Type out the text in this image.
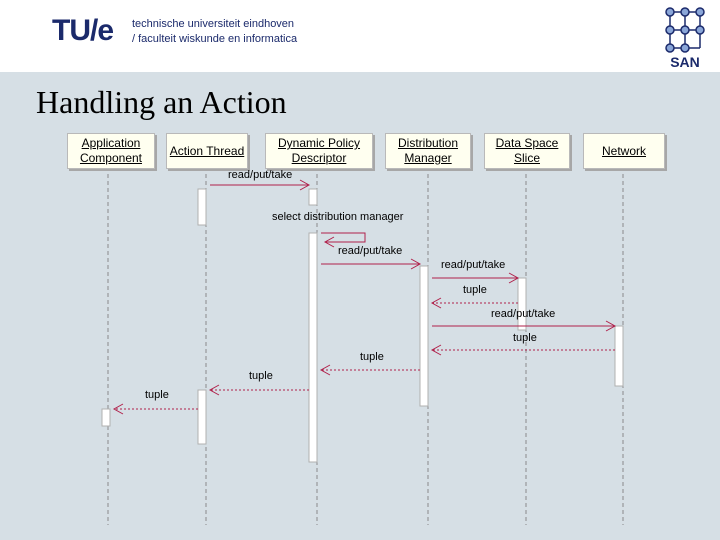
TU/e technische universiteit eindhoven
/ faculteit wiskunde en informatica
SAN
Handling an Action
Application
Component
Action Thread
Dynamic Policy
Descriptor
Distribution
Manager
Data Space
Slice
Network
read/put/take
select distribution manager
read/put/take
read/put/take
tuple
read/put/take
tuple
tuple
tuple
tuple
